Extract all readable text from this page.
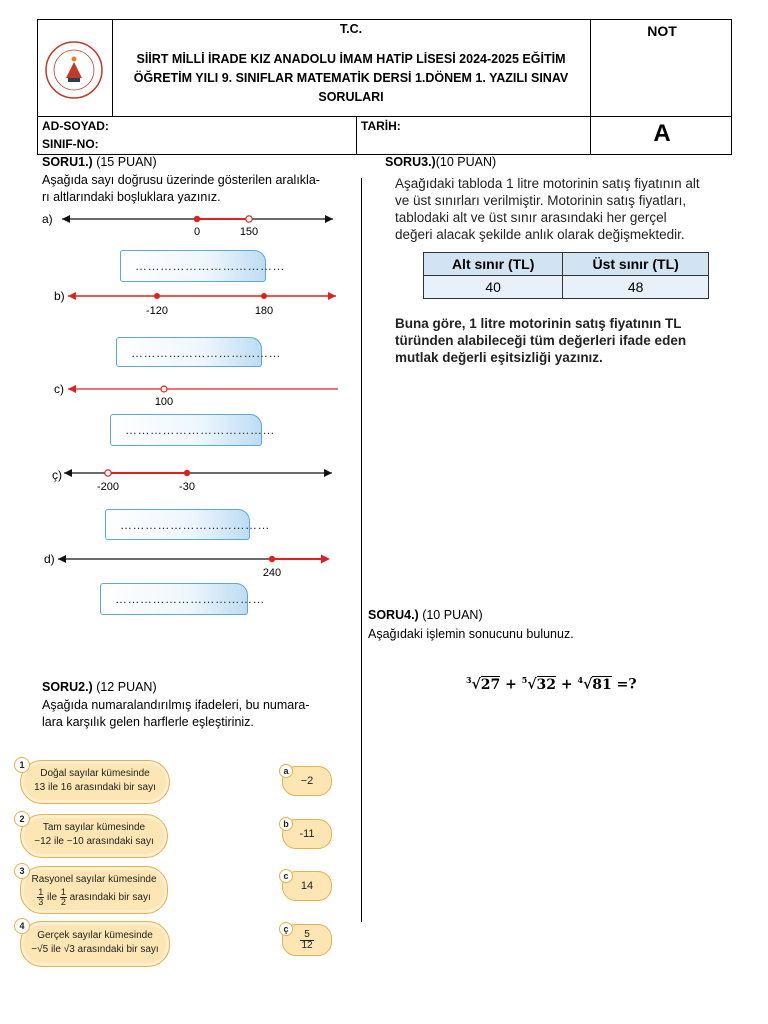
T.C.
SİİRT MİLLİ İRADE KIZ ANADOLU İMAM HATİP LİSESİ 2024-2025 EĞİTİM
ÖĞRETİM YILI 9. SINIFLAR MATEMATİK DERSİ 1.DÖNEM 1. YAZILI SINAV
SORULARI
NOT
AD-SOYAD:
SINIF-NO:
TARİH:	A
SORU1.) (15 PUAN)
Aşağıda sayı doğrusu üzerinde gösterilen aralıkla-
rı altlarındaki boşluklara yazınız.
a)
0	150
b)
-120	180
c)
100
ç)
-200	-30
d)
240
………………………………
………………………………
………………………………
………………………………
………………………………
SORU2.) (12 PUAN)
Aşağıda numaralandırılmış ifadeleri, bu numara-
lara karşılık gelen harflerle eşleştiriniz.
Doğal sayılar kümesinde
13 ile 16 arasındaki bir sayı
1
Tam sayılar kümesinde
−12 ile −10 arasındaki sayı
2
Rasyonel sayılar kümesinde
$\frac{1}{3}$ ile $\frac{1}{2}$ arasındaki bir sayı
3
Gerçek sayılar kümesinde
−√5 ile √3 arasındaki bir sayı
4
−2
a
-11
b
14
c
$\frac{5}{12}$
ç
SORU3.)(10 PUAN)
Aşağıdaki tabloda 1 litre motorinin satış fiyatının alt
ve üst sınırları verilmiştir. Motorinin satış fiyatları,
tablodaki alt ve üst sınır arasındaki her gerçel
değeri alacak şekilde anlık olarak değişmektedir.
Alt sınır (TL)	Üst sınır (TL)
40	48
Buna göre, 1 litre motorinin satış fiyatının TL
türünden alabileceği tüm değerleri ifade eden
mutlak değerli eşitsizliği yazınız.
SORU4.) (10 PUAN)
Aşağıdaki işlemin sonucunu bulunuz.
$^3$√27 + $^5$√32 + $^4$√81 =?
